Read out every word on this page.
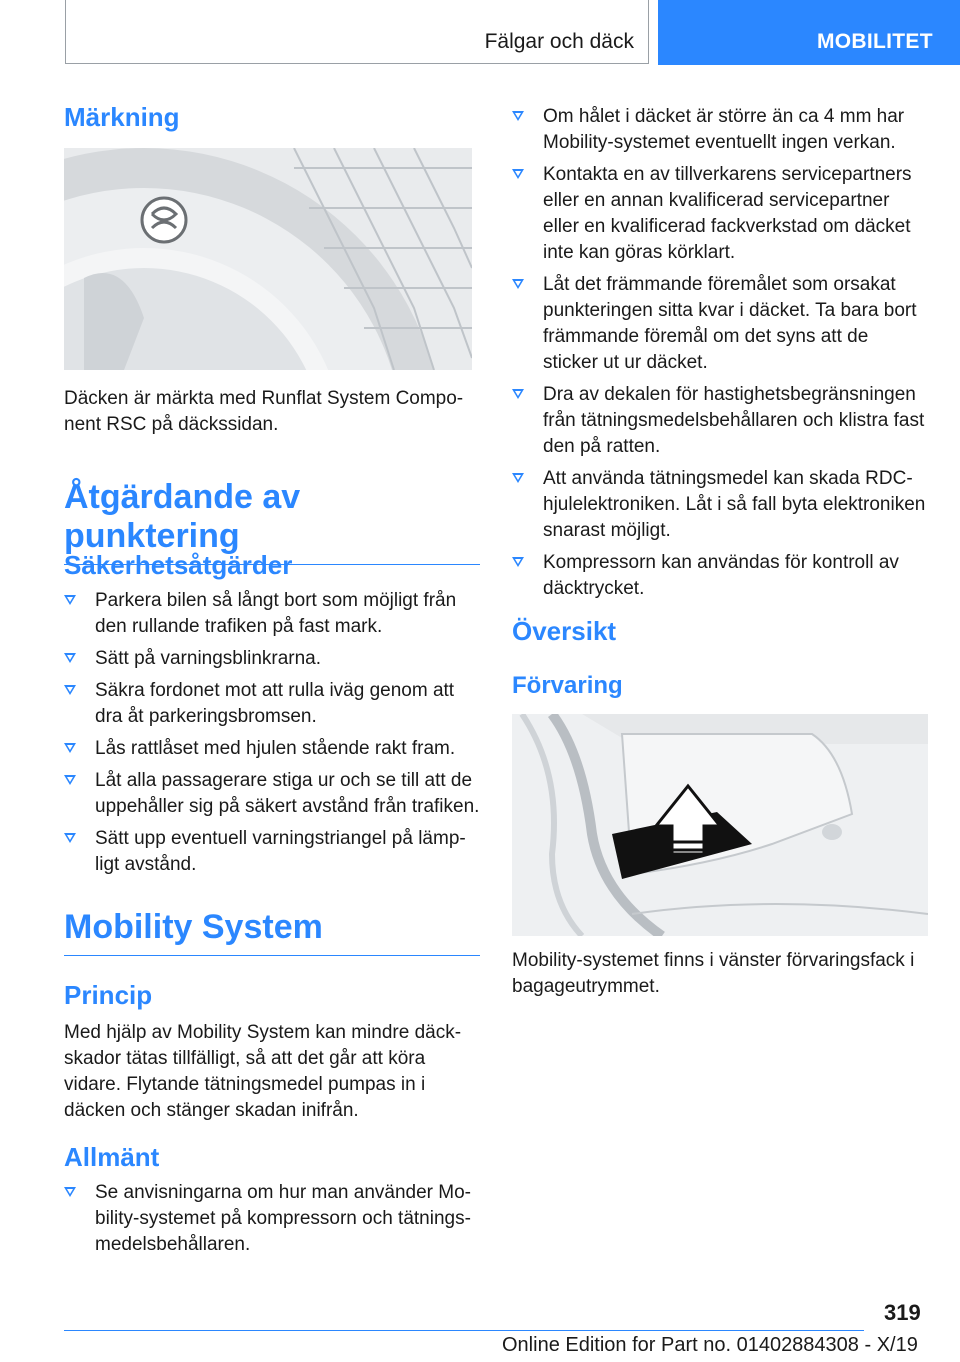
Fälgar och däck	MOBILITET
Märkning

Däcken är märkta med Runflat System Compo-nent RSC på däckssidan.

Åtgärdande av punktering
Säkerhetsåtgärder
Parkera bilen så långt bort som möjligt från den rullande trafiken på fast mark.
Sätt på varningsblinkrarna.
Säkra fordonet mot att rulla iväg genom att dra åt parkeringsbromsen.
Lås rattlåset med hjulen stående rakt fram.
Låt alla passagerare stiga ur och se till att de uppehåller sig på säkert avstånd från trafiken.
Sätt upp eventuell varningstriangel på lämp-ligt avstånd.
Mobility System
Princip

Med hjälp av Mobility System kan mindre däck-skador tätas tillfälligt, så att det går att köra vidare. Flytande tätningsmedel pumpas in i däcken och stänger skadan inifrån.

Allmänt
Se anvisningarna om hur man använder Mo-bility-systemet på kompressorn och tätnings-medelsbehållaren.
Om hålet i däcket är större än ca 4 mm har Mobility-systemet eventuellt ingen verkan.
Kontakta en av tillverkarens servicepartners eller en annan kvalificerad servicepartner eller en kvalificerad fackverkstad om däcket inte kan göras körklart.
Låt det främmande föremålet som orsakat punkteringen sitta kvar i däcket. Ta bara bort främmande föremål om det syns att de sticker ut ur däcket.
Dra av dekalen för hastighetsbegränsningen från tätningsmedelsbehållaren och klistra fast den på ratten.
Att använda tätningsmedel kan skada RDC-hjulelektroniken. Låt i så fall byta elektroniken snarast möjligt.
Kompressorn kan användas för kontroll av däcktrycket.
Översikt
Förvaring

Mobility-systemet finns i vänster förvaringsfack i bagageutrymmet.

319
Online Edition for Part no. 01402884308 - X/19
